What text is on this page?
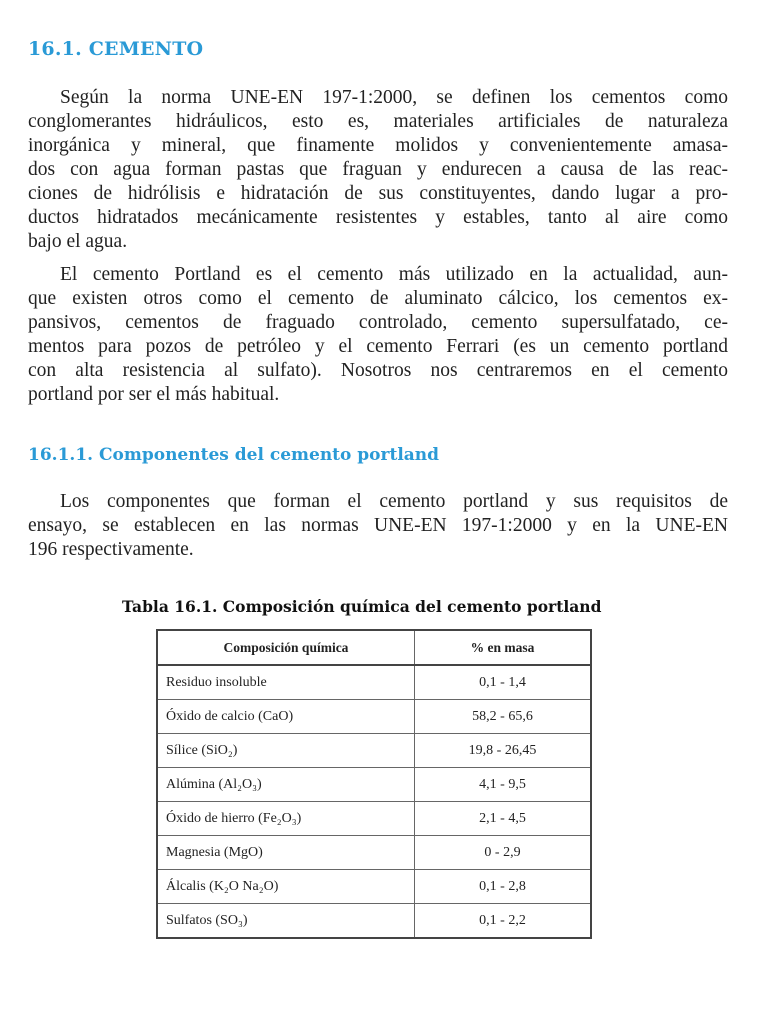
16.1. CEMENTO
Según la norma UNE-EN 197-1:2000, se definen los cementos como
conglomerantes hidráulicos, esto es, materiales artificiales de naturaleza
inorgánica y mineral, que finamente molidos y convenientemente amasa-
dos con agua forman pastas que fraguan y endurecen a causa de las reac-
ciones de hidrólisis e hidratación de sus constituyentes, dando lugar a pro-
ductos hidratados mecánicamente resistentes y estables, tanto al aire como
bajo el agua.
El cemento Portland es el cemento más utilizado en la actualidad, aun-
que existen otros como el cemento de aluminato cálcico, los cementos ex-
pansivos, cementos de fraguado controlado, cemento supersulfatado, ce-
mentos para pozos de petróleo y el cemento Ferrari (es un cemento portland
con alta resistencia al sulfato). Nosotros nos centraremos en el cemento
portland por ser el más habitual.
16.1.1. Componentes del cemento portland
Los componentes que forman el cemento portland y sus requisitos de
ensayo, se establecen en las normas UNE-EN 197-1:2000 y en la UNE-EN
196 respectivamente.
Tabla 16.1. Composición química del cemento portland
Composición química	% en masa
Residuo insoluble	0,1 - 1,4
Óxido de calcio (CaO)	58,2 - 65,6
Sílice (SiO₂)	19,8 - 26,45
Alúmina (Al₂O₃)	4,1 - 9,5
Óxido de hierro (Fe₂O₃)	2,1 - 4,5
Magnesia (MgO)	0 - 2,9
Álcalis (K₂O Na₂O)	0,1 - 2,8
Sulfatos (SO₃)	0,1 - 2,2
